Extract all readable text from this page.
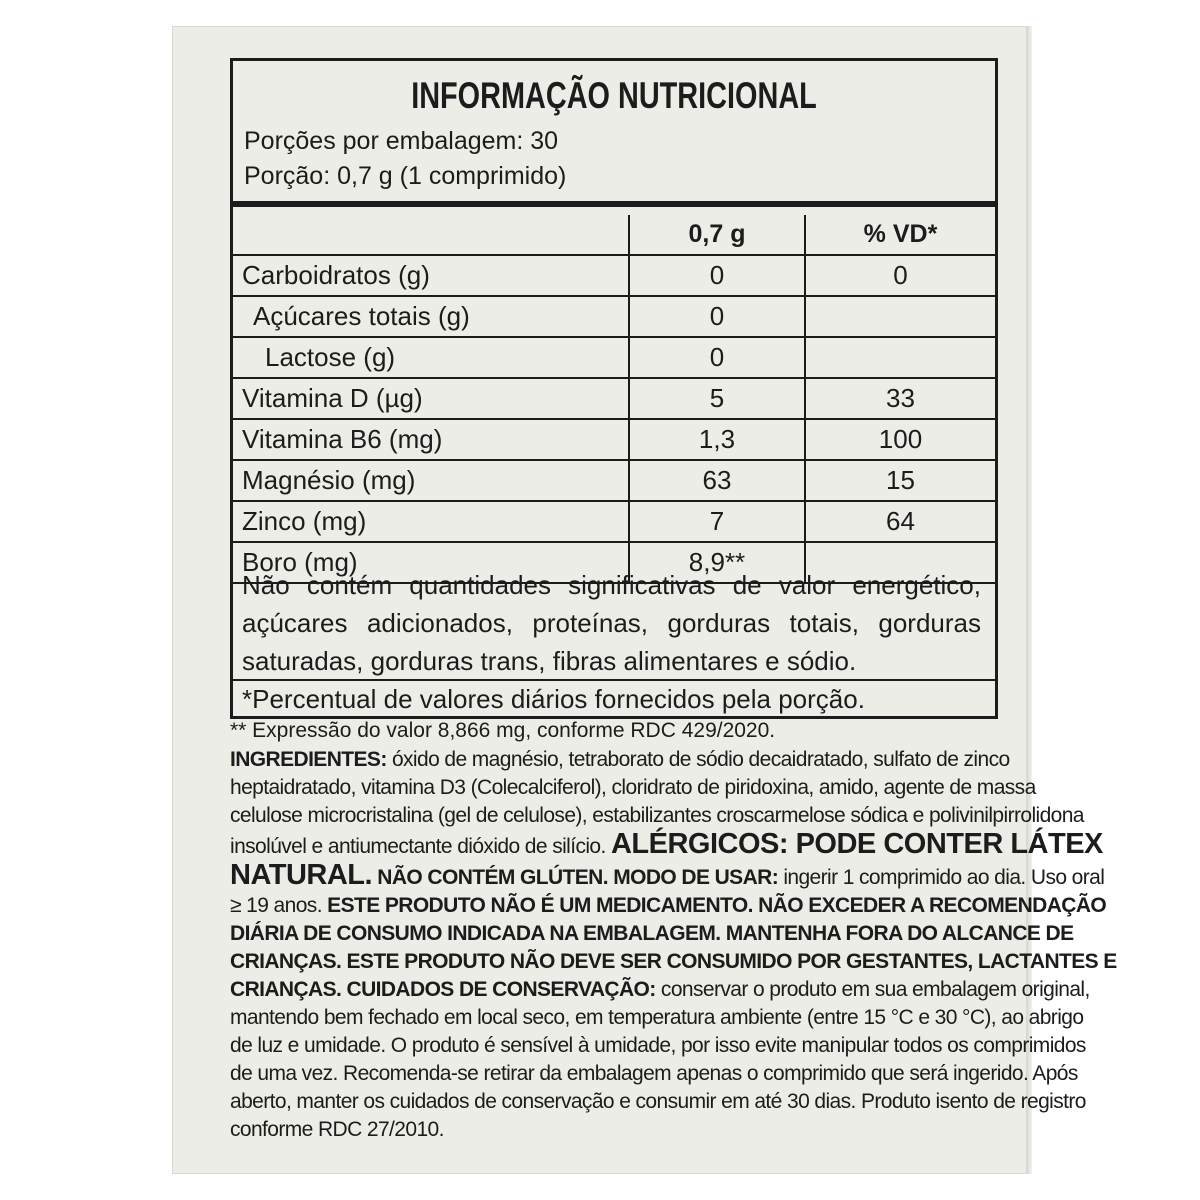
INFORMAÇÃO NUTRICIONAL
Porções por embalagem: 30
Porção: 0,7 g (1 comprimido)
	0,7 g	% VD*
Carboidratos (g)	0	0
Açúcares totais (g)	0	
Lactose (g)	0	
Vitamina D (µg)	5	33
Vitamina B6 (mg)	1,3	100
Magnésio (mg)	63	15
Zinco (mg)	7	64
Boro (mg)	8,9**	
Não contém quantidades significativas de valor energético, açúcares adicionados, proteínas, gorduras totais, gorduras saturadas, gorduras trans, fibras alimentares e sódio.
*Percentual de valores diários fornecidos pela porção.
** Expressão do valor 8,866 mg, conforme RDC 429/2020.
INGREDIENTES: óxido de magnésio, tetraborato de sódio decaidratado, sulfato de zinco
heptaidratado, vitamina D3 (Colecalciferol), cloridrato de piridoxina, amido, agente de massa
celulose microcristalina (gel de celulose), estabilizantes croscarmelose sódica e polivinilpirrolidona
insolúvel e antiumectante dióxido de silício. ALÉRGICOS: PODE CONTER LÁTEX
NATURAL. NÃO CONTÉM GLÚTEN. MODO DE USAR: ingerir 1 comprimido ao dia. Uso oral
≥ 19 anos. ESTE PRODUTO NÃO É UM MEDICAMENTO. NÃO EXCEDER A RECOMENDAÇÃO
DIÁRIA DE CONSUMO INDICADA NA EMBALAGEM. MANTENHA FORA DO ALCANCE DE
CRIANÇAS. ESTE PRODUTO NÃO DEVE SER CONSUMIDO POR GESTANTES, LACTANTES E
CRIANÇAS. CUIDADOS DE CONSERVAÇÃO: conservar o produto em sua embalagem original,
mantendo bem fechado em local seco, em temperatura ambiente (entre 15 °C e 30 °C), ao abrigo
de luz e umidade. O produto é sensível à umidade, por isso evite manipular todos os comprimidos
de uma vez. Recomenda-se retirar da embalagem apenas o comprimido que será ingerido. Após
aberto, manter os cuidados de conservação e consumir em até 30 dias. Produto isento de registro
conforme RDC 27/2010.
